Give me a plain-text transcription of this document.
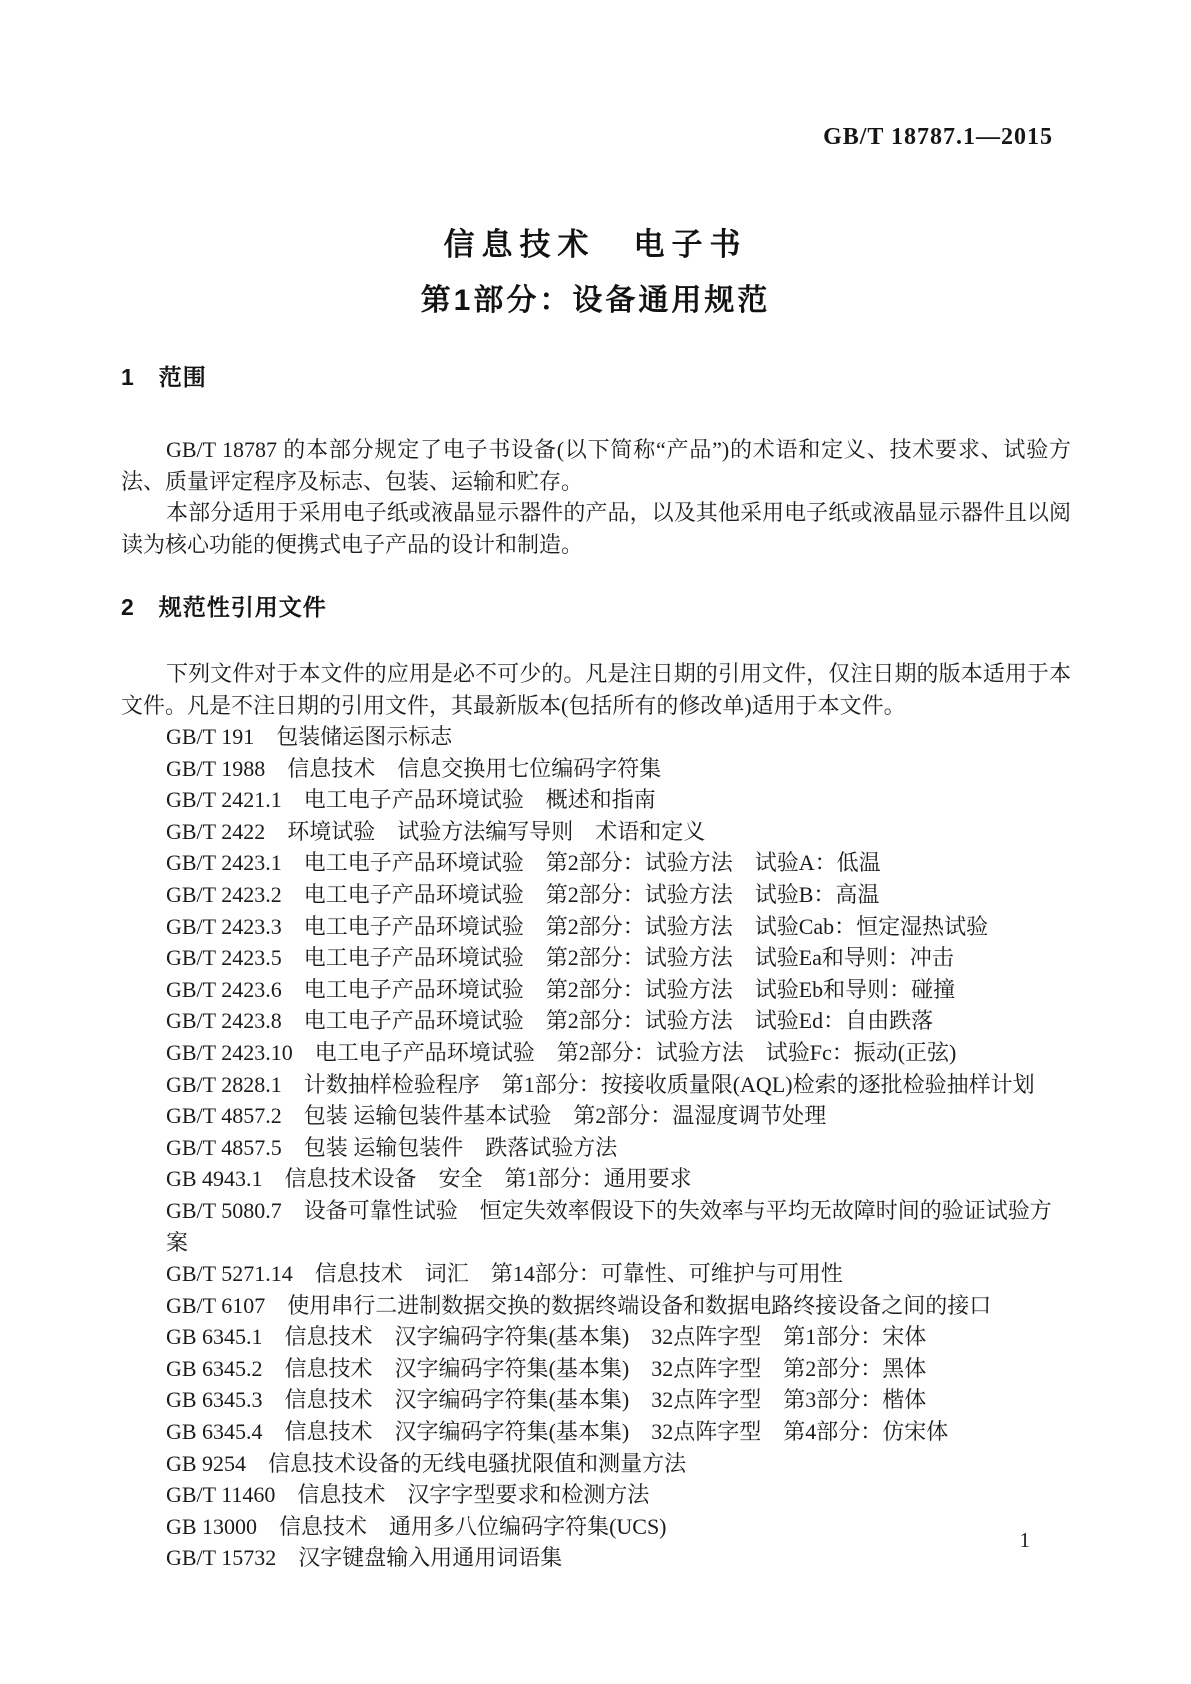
GB/T 18787.1—2015
信息技术　电子书
第1部分：设备通用规范
1　范围

GB/T 18787 的本部分规定了电子书设备(以下简称“产品”)的术语和定义、技术要求、试验方法、质量评定程序及标志、包装、运输和贮存。

本部分适用于采用电子纸或液晶显示器件的产品，以及其他采用电子纸或液晶显示器件且以阅读为核心功能的便携式电子产品的设计和制造。

2　规范性引用文件

下列文件对于本文件的应用是必不可少的。凡是注日期的引用文件，仅注日期的版本适用于本文件。凡是不注日期的引用文件，其最新版本(包括所有的修改单)适用于本文件。

GB/T 191　包装储运图示标志
GB/T 1988　信息技术　信息交换用七位编码字符集
GB/T 2421.1　电工电子产品环境试验　概述和指南
GB/T 2422　环境试验　试验方法编写导则　术语和定义
GB/T 2423.1　电工电子产品环境试验　第2部分：试验方法　试验A：低温
GB/T 2423.2　电工电子产品环境试验　第2部分：试验方法　试验B：高温
GB/T 2423.3　电工电子产品环境试验　第2部分：试验方法　试验Cab：恒定湿热试验
GB/T 2423.5　电工电子产品环境试验　第2部分：试验方法　试验Ea和导则：冲击
GB/T 2423.6　电工电子产品环境试验　第2部分：试验方法　试验Eb和导则：碰撞
GB/T 2423.8　电工电子产品环境试验　第2部分：试验方法　试验Ed：自由跌落
GB/T 2423.10　电工电子产品环境试验　第2部分：试验方法　试验Fc：振动(正弦)
GB/T 2828.1　计数抽样检验程序　第1部分：按接收质量限(AQL)检索的逐批检验抽样计划
GB/T 4857.2　包装 运输包装件基本试验　第2部分：温湿度调节处理
GB/T 4857.5　包装 运输包装件　跌落试验方法
GB 4943.1　信息技术设备　安全　第1部分：通用要求
GB/T 5080.7　设备可靠性试验　恒定失效率假设下的失效率与平均无故障时间的验证试验方案
GB/T 5271.14　信息技术　词汇　第14部分：可靠性、可维护与可用性
GB/T 6107　使用串行二进制数据交换的数据终端设备和数据电路终接设备之间的接口
GB 6345.1　信息技术　汉字编码字符集(基本集)　32点阵字型　第1部分：宋体
GB 6345.2　信息技术　汉字编码字符集(基本集)　32点阵字型　第2部分：黑体
GB 6345.3　信息技术　汉字编码字符集(基本集)　32点阵字型　第3部分：楷体
GB 6345.4　信息技术　汉字编码字符集(基本集)　32点阵字型　第4部分：仿宋体
GB 9254　信息技术设备的无线电骚扰限值和测量方法
GB/T 11460　信息技术　汉字字型要求和检测方法
GB 13000　信息技术　通用多八位编码字符集(UCS)
GB/T 15732　汉字键盘输入用通用词语集
1
